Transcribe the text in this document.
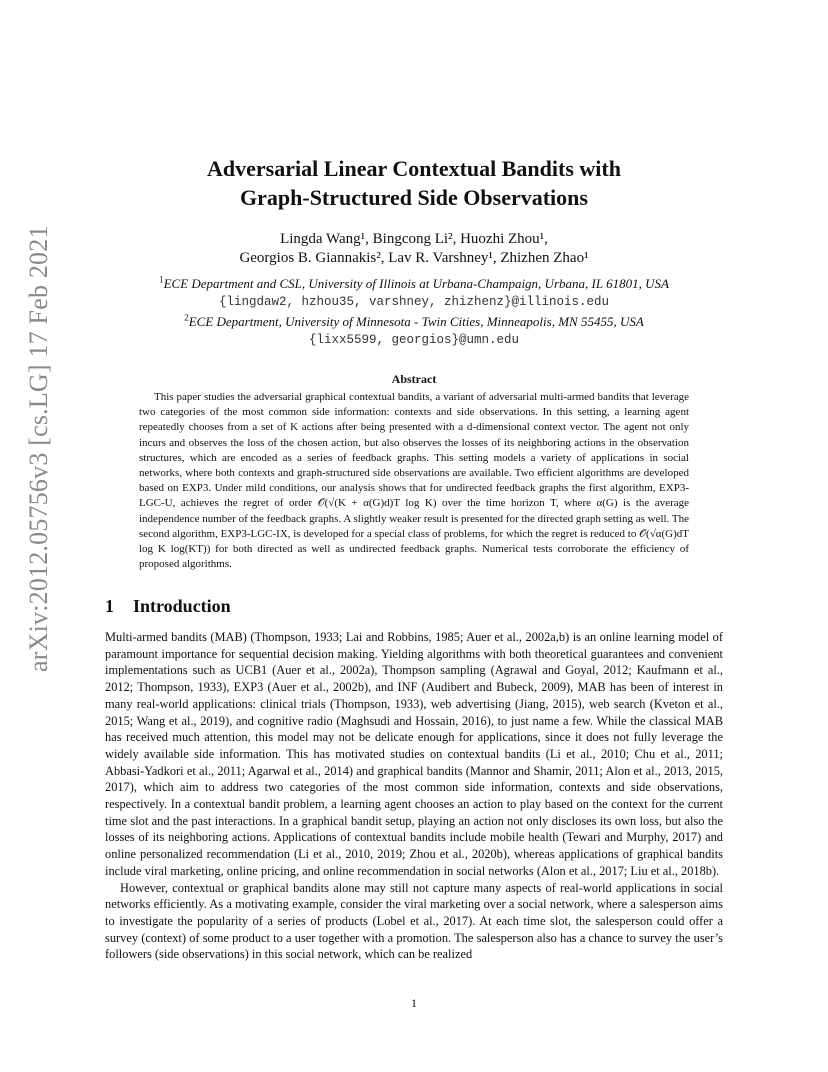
arXiv:2012.05756v3 [cs.LG] 17 Feb 2021
Adversarial Linear Contextual Bandits with
Graph-Structured Side Observations
Lingda Wang¹, Bingcong Li², Huozhi Zhou¹,
Georgios B. Giannakis², Lav R. Varshney¹, Zhizhen Zhao¹
$^1$ECE Department and CSL, University of Illinois at Urbana-Champaign, Urbana, IL 61801, USA
{lingdaw2, hzhou35, varshney, zhizhenz}@illinois.edu
$^2$ECE Department, University of Minnesota - Twin Cities, Minneapolis, MN 55455, USA
{lixx5599, georgios}@umn.edu
Abstract

This paper studies the adversarial graphical contextual bandits, a variant of adversarial multi-armed bandits that leverage two categories of the most common side information: contexts and side observations. In this setting, a learning agent repeatedly chooses from a set of K actions after being presented with a d-dimensional context vector. The agent not only incurs and observes the loss of the chosen action, but also observes the losses of its neighboring actions in the observation structures, which are encoded as a series of feedback graphs. This setting models a variety of applications in social networks, where both contexts and graph-structured side observations are available. Two efficient algorithms are developed based on EXP3. Under mild conditions, our analysis shows that for undirected feedback graphs the first algorithm, EXP3-LGC-U, achieves the regret of order 𝒪(√(K + α(G)d)T log K) over the time horizon T, where α(G) is the average independence number of the feedback graphs. A slightly weaker result is presented for the directed graph setting as well. The second algorithm, EXP3-LGC-IX, is developed for a special class of problems, for which the regret is reduced to 𝒪(√α(G)dT log K log(KT)) for both directed as well as undirected feedback graphs. Numerical tests corroborate the efficiency of proposed algorithms.

1 Introduction

Multi-armed bandits (MAB) (Thompson, 1933; Lai and Robbins, 1985; Auer et al., 2002a,b) is an online learning model of paramount importance for sequential decision making. Yielding algorithms with both theoretical guarantees and convenient implementations such as UCB1 (Auer et al., 2002a), Thompson sampling (Agrawal and Goyal, 2012; Kaufmann et al., 2012; Thompson, 1933), EXP3 (Auer et al., 2002b), and INF (Audibert and Bubeck, 2009), MAB has been of interest in many real-world applications: clinical trials (Thompson, 1933), web advertising (Jiang, 2015), web search (Kveton et al., 2015; Wang et al., 2019), and cognitive radio (Maghsudi and Hossain, 2016), to just name a few. While the classical MAB has received much attention, this model may not be delicate enough for applications, since it does not fully leverage the widely available side information. This has motivated studies on contextual bandits (Li et al., 2010; Chu et al., 2011; Abbasi-Yadkori et al., 2011; Agarwal et al., 2014) and graphical bandits (Mannor and Shamir, 2011; Alon et al., 2013, 2015, 2017), which aim to address two categories of the most common side information, contexts and side observations, respectively. In a contextual bandit problem, a learning agent chooses an action to play based on the context for the current time slot and the past interactions. In a graphical bandit setup, playing an action not only discloses its own loss, but also the losses of its neighboring actions. Applications of contextual bandits include mobile health (Tewari and Murphy, 2017) and online personalized recommendation (Li et al., 2010, 2019; Zhou et al., 2020b), whereas applications of graphical bandits include viral marketing, online pricing, and online recommendation in social networks (Alon et al., 2017; Liu et al., 2018b).

However, contextual or graphical bandits alone may still not capture many aspects of real-world applications in social networks efficiently. As a motivating example, consider the viral marketing over a social network, where a salesperson aims to investigate the popularity of a series of products (Lobel et al., 2017). At each time slot, the salesperson could offer a survey (context) of some product to a user together with a promotion. The salesperson also has a chance to survey the user’s followers (side observations) in this social network, which can be realized

1
